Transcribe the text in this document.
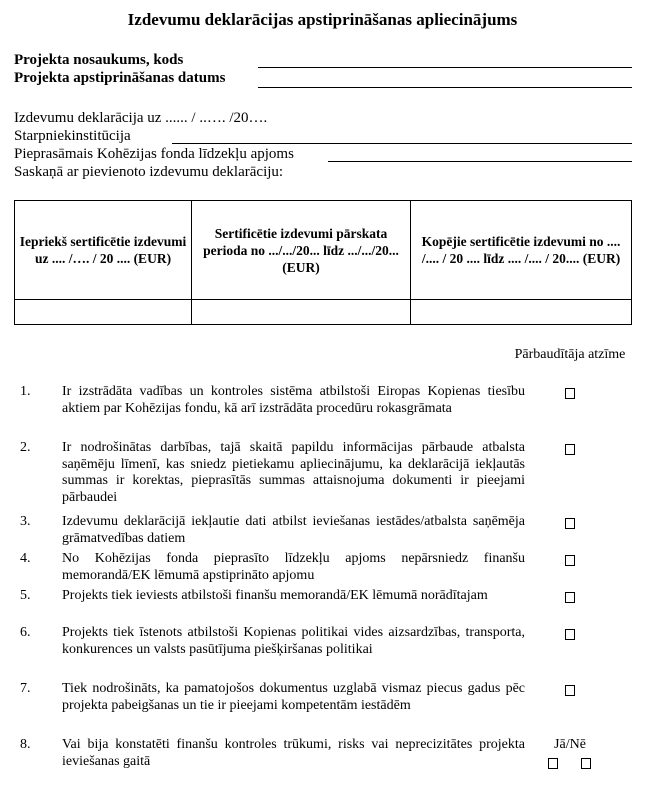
Izdevumu deklarācijas apstiprināšanas apliecinājums
Projekta nosaukums, kods
Projekta apstiprināšanas datums
Izdevumu deklarācija uz ...... / ..…. /20….
Starpniekinstitūcija
Pieprasāmais Kohēzijas fonda līdzekļu apjoms
Saskaņā ar pievienoto izdevumu deklarāciju:
Iepriekš sertificētie izdevumi uz .... /…. / 20 .... (EUR)	Sertificētie izdevumi pārskata perioda no .../.../20... līdz .../.../20... (EUR)	Kopējie sertificētie izdevumi no .... /.... / 20 .... līdz .... /.... / 20.... (EUR)

Pārbaudītāja atzīme
1.	Ir izstrādāta vadības un kontroles sistēma atbilstoši Eiropas Kopienas tiesību aktiem par Kohēzijas fondu, kā arī izstrādāta procedūru rokasgrāmata
2.	Ir nodrošinātas darbības, tajā skaitā papildu informācijas pārbaude atbalsta saņēmēju līmenī, kas sniedz pietiekamu apliecinājumu, ka deklarācijā iekļautās summas ir korektas, pieprasītās summas attaisnojuma dokumenti ir pieejami pārbaudei
3.	Izdevumu deklarācijā iekļautie dati atbilst ieviešanas iestādes/atbalsta saņēmēja grāmatvedības datiem
4.	No Kohēzijas fonda pieprasīto līdzekļu apjoms nepārsniedz finanšu memorandā/EK lēmumā apstiprināto apjomu
5.	Projekts tiek ieviests atbilstoši finanšu memorandā/EK lēmumā norādītajam
6.	Projekts tiek īstenots atbilstoši Kopienas politikai vides aizsardzības, transporta, konkurences un valsts pasūtījuma piešķiršanas politikai
7.	Tiek nodrošināts, ka pamatojošos dokumentus uzglabā vismaz piecus gadus pēc projekta pabeigšanas un tie ir pieejami kompetentām iestādēm
8.	Vai bija konstatēti finanšu kontroles trūkumi, risks vai neprecizitātes projekta ieviešanas gaitā
Jā/Nē
